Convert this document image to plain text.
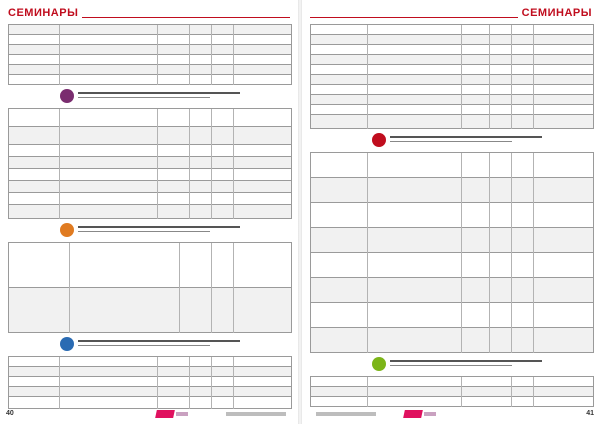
СЕМИНАРЫ
40
СЕМИНАРЫ
41
